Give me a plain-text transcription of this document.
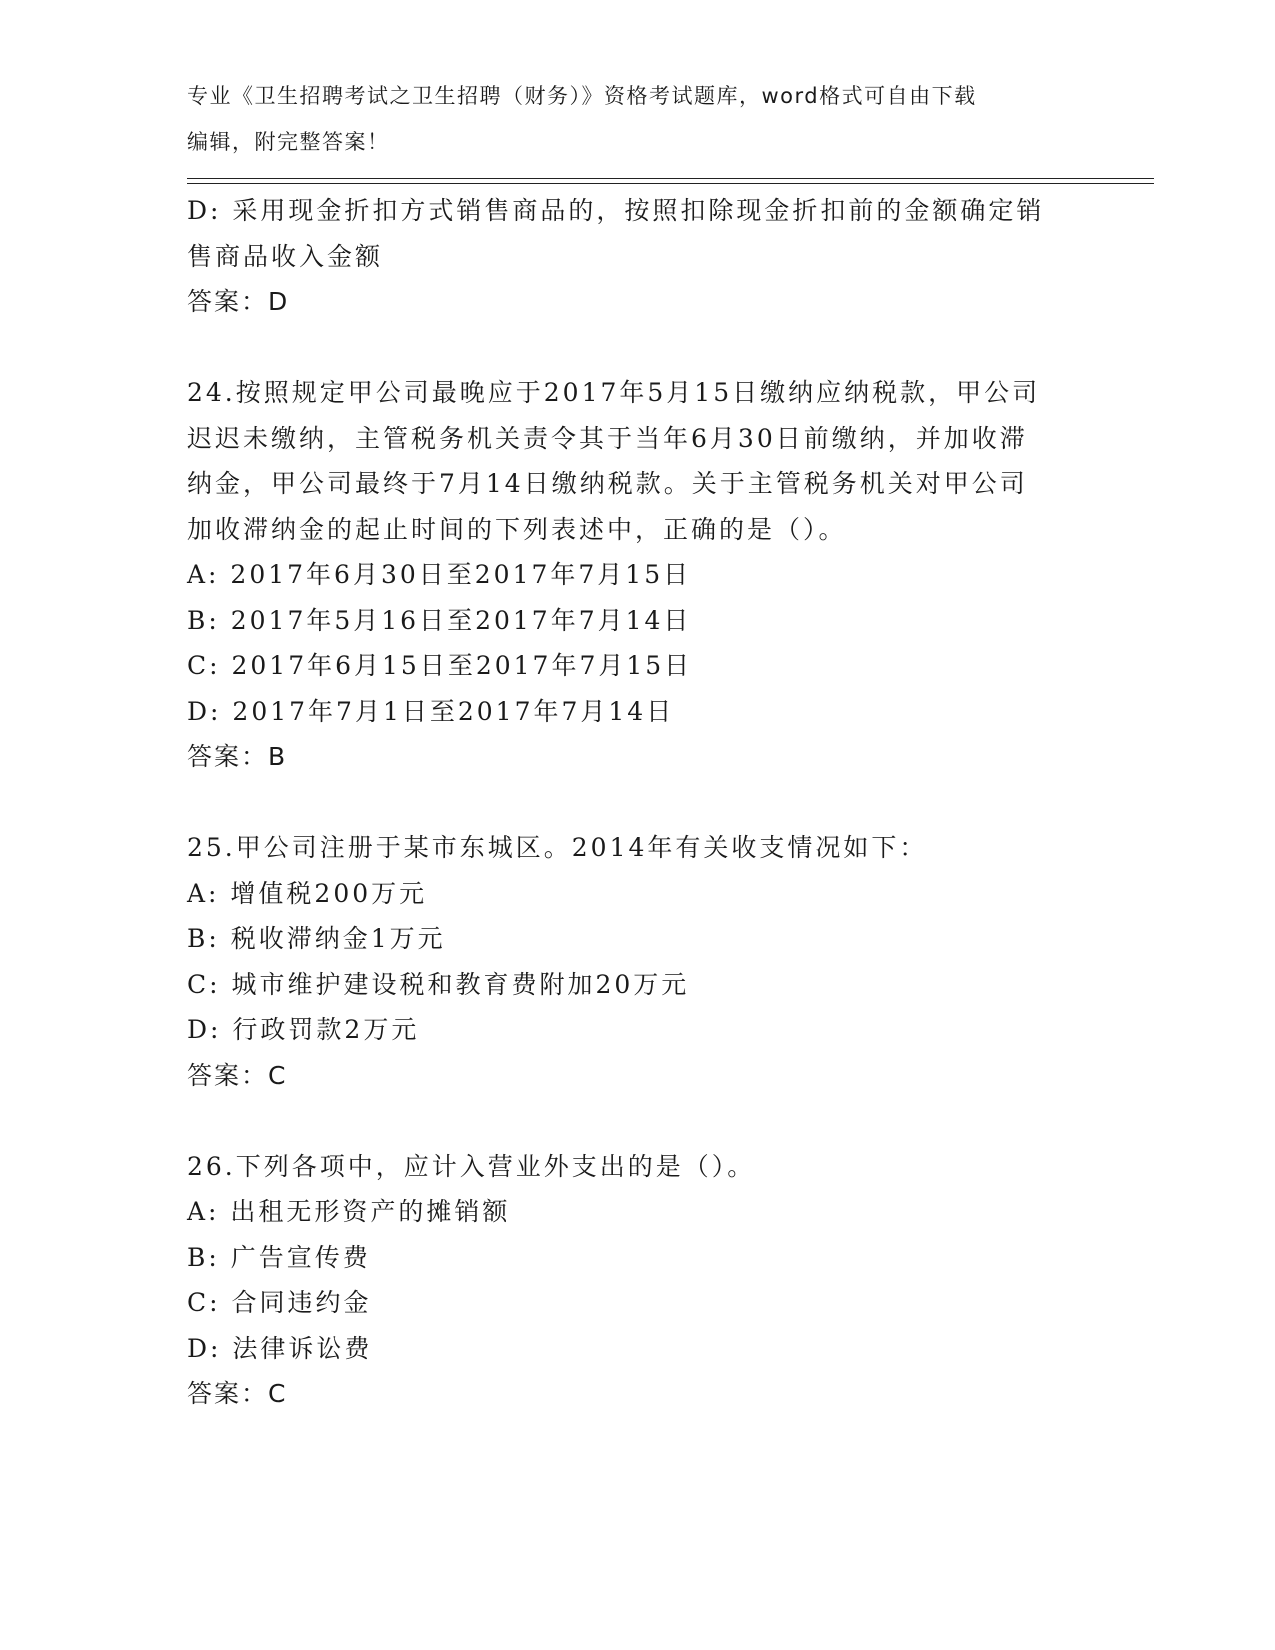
专业《卫生招聘考试之卫生招聘（财务）》资格考试题库，word格式可自由下载
编辑，附完整答案！
D: 采用现金折扣方式销售商品的，按照扣除现金折扣前的金额确定销
售商品收入金额
答案：D
24.按照规定甲公司最晚应于2017年5月15日缴纳应纳税款，甲公司
迟迟未缴纳，主管税务机关责令其于当年6月30日前缴纳，并加收滞
纳金，甲公司最终于7月14日缴纳税款。关于主管税务机关对甲公司
加收滞纳金的起止时间的下列表述中，正确的是（）。
A: 2017年6月30日至2017年7月15日
B: 2017年5月16日至2017年7月14日
C: 2017年6月15日至2017年7月15日
D: 2017年7月1日至2017年7月14日
答案：B
25.甲公司注册于某市东城区。2014年有关收支情况如下：
A: 增值税200万元
B: 税收滞纳金1万元
C: 城市维护建设税和教育费附加20万元
D: 行政罚款2万元
答案：C
26.下列各项中，应计入营业外支出的是（）。
A: 出租无形资产的摊销额
B: 广告宣传费
C: 合同违约金
D: 法律诉讼费
答案：C
